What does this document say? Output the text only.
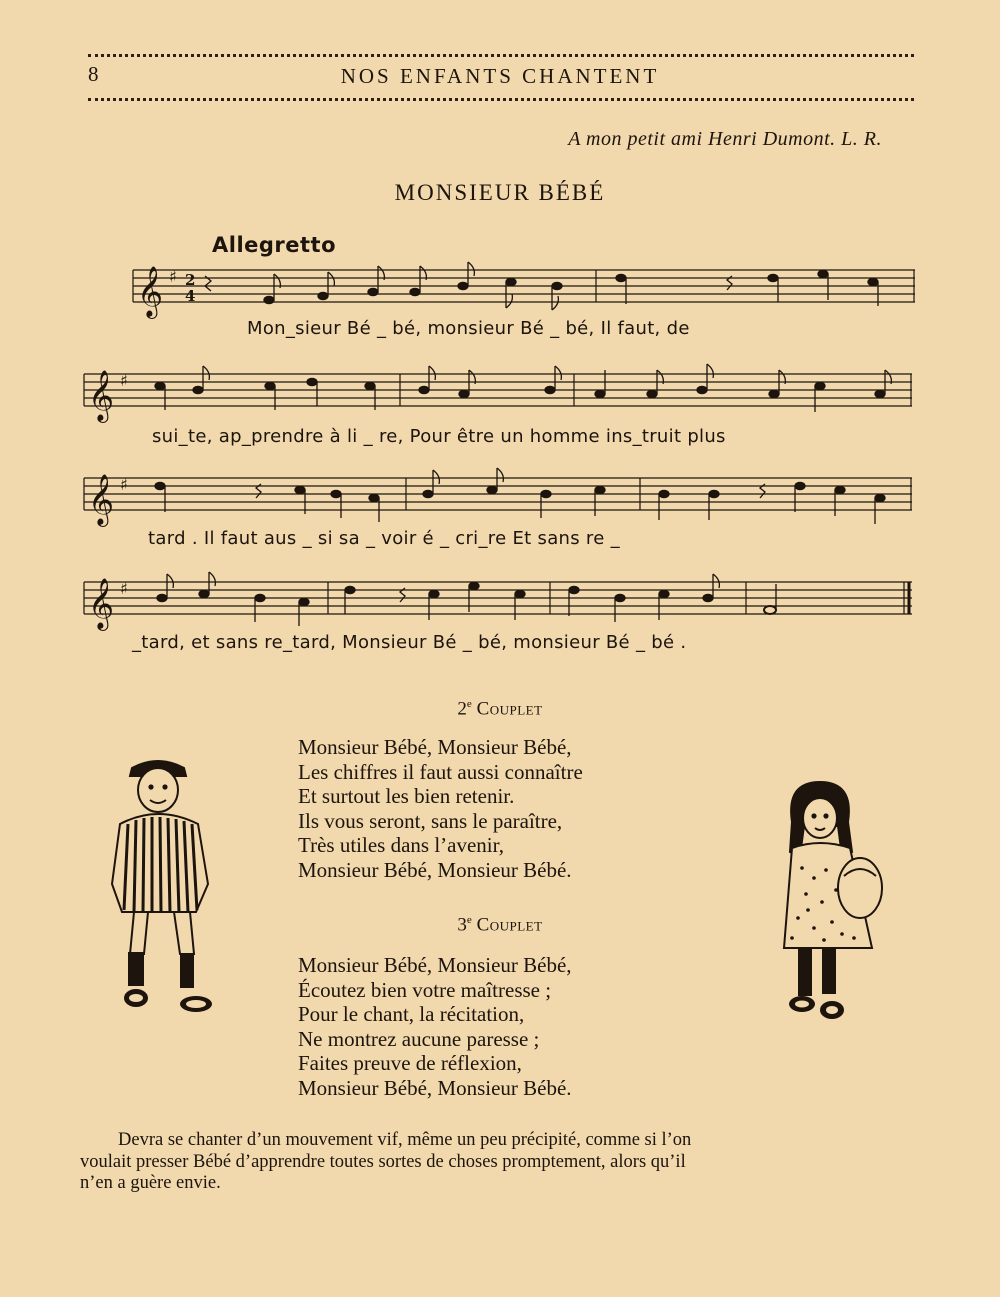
8	NOS ENFANTS CHANTENT
A mon petit ami Henri Dumont. L. R.
MONSIEUR BÉBÉ
Allegretto
𝄞 ♯ 2
4
Mon_sieur Bé _ bé, monsieur Bé _ bé, Il faut, de
𝄞 ♯
sui_te, ap_prendre à li _ re, Pour être un homme ins_truit plus
𝄞 ♯
tard . Il faut aus _ si sa _ voir é _ cri_re Et sans re _
𝄞 ♯
_tard, et sans re_tard, Monsieur Bé _ bé, monsieur Bé _ bé .
2e Couplet
Monsieur Bébé, Monsieur Bébé,
Les chiffres il faut aussi connaître
Et surtout les bien retenir.
Ils vous seront, sans le paraître,
Très utiles dans l’avenir,
Monsieur Bébé, Monsieur Bébé.
3e Couplet
Monsieur Bébé, Monsieur Bébé,
Écoutez bien votre maîtresse ;
Pour le chant, la récitation,
Ne montrez aucune paresse ;
Faites preuve de réflexion,
Monsieur Bébé, Monsieur Bébé.
Devra se chanter d’un mouvement vif, même un peu précipité, comme si l’on
voulait presser Bébé d’apprendre toutes sortes de choses promptement, alors qu’il
n’en a guère envie.
